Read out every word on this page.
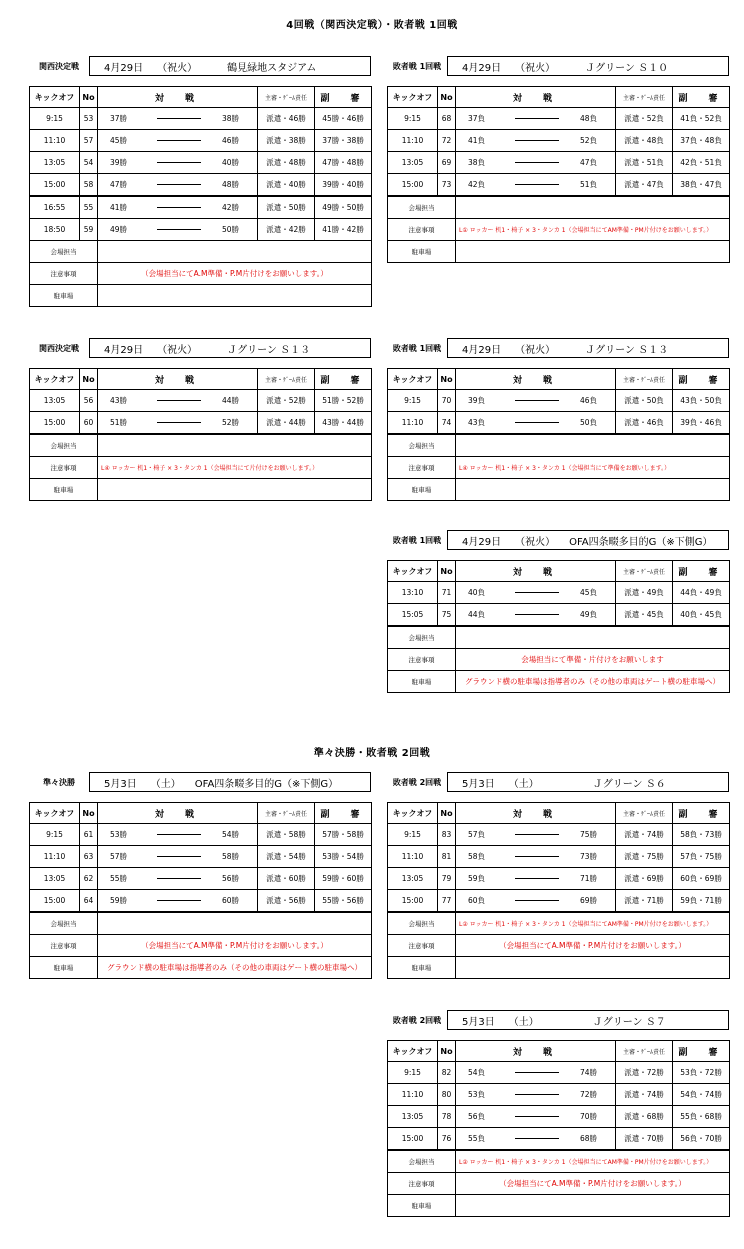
4回戦（関西決定戦）・敗者戦 1回戦
関西決定戦	4月29日 （祝火）	鶴見緑地スタジアム
キックオフ	No	対　戦			主審・ｹﾞｰﾑ責任	副　審
9:15	53	37勝		38勝	派遣・46勝	45勝・46勝
11:10	57	45勝		46勝	派遣・38勝	37勝・38勝
13:05	54	39勝		40勝	派遣・48勝	47勝・48勝
15:00	58	47勝		48勝	派遣・40勝	39勝・40勝
16:55	55	41勝		42勝	派遣・50勝	49勝・50勝
18:50	59	49勝		50勝	派遣・42勝	41勝・42勝
会場担当						
注意事項		（会場担当にてA.M準備・P.M片付けをお願いします。）				
駐車場						
敗者戦 1回戦	4月29日 （祝火）	Ｊグリーン Ｓ１０
キックオフ	No	対　戦			主審・ｹﾞｰﾑ責任	副　審
9:15	68	37負		48負	派遣・52負	41負・52負
11:10	72	41負		52負	派遣・48負	37負・48負
13:05	69	38負		47負	派遣・51負	42負・51負
15:00	73	42負		51負	派遣・47負	38負・47負
会場担当						
注意事項		L① ロッカー 机1・椅子 × 3・タンカ 1（会場担当にてAM準備・PM片付けをお願いします。）				
駐車場						
関西決定戦	4月29日 （祝火）	Ｊグリーン Ｓ１３
キックオフ	No	対　戦			主審・ｹﾞｰﾑ責任	副　審
13:05	56	43勝		44勝	派遣・52勝	51勝・52勝
15:00	60	51勝		52勝	派遣・44勝	43勝・44勝
会場担当						
注意事項		L④ ロッカー 机1・椅子 × 3・タンカ 1（会場担当にて片付けをお願いします。）				
駐車場						
敗者戦 1回戦	4月29日 （祝火）	Ｊグリーン Ｓ１３
キックオフ	No	対　戦			主審・ｹﾞｰﾑ責任	副　審
9:15	70	39負		46負	派遣・50負	43負・50負
11:10	74	43負		50負	派遣・46負	39負・46負
会場担当						
注意事項		L④ ロッカー 机1・椅子 × 3・タンカ 1（会場担当にて準備をお願いします。）				
駐車場						
敗者戦 1回戦	4月29日 （祝火） OFA四条畷多目的G（※下側G）
キックオフ	No	対　戦			主審・ｹﾞｰﾑ責任	副　審
13:10	71	40負		45負	派遣・49負	44負・49負
15:05	75	44負		49負	派遣・45負	40負・45負
会場担当						
注意事項		会場担当にて準備・片付けをお願いします				
駐車場		グラウンド横の駐車場は指導者のみ（その他の車両はゲート横の駐車場へ）				
準々決勝・敗者戦 2回戦
準々決勝	5月3日 （土） OFA四条畷多目的G（※下側G）
キックオフ	No	対　戦			主審・ｹﾞｰﾑ責任	副　審
9:15	61	53勝		54勝	派遣・58勝	57勝・58勝
11:10	63	57勝		58勝	派遣・54勝	53勝・54勝
13:05	62	55勝		56勝	派遣・60勝	59勝・60勝
15:00	64	59勝		60勝	派遣・56勝	55勝・56勝
会場担当						
注意事項		（会場担当にてA.M準備・P.M片付けをお願いします。）				
駐車場		グラウンド横の駐車場は指導者のみ（その他の車両はゲート横の駐車場へ）				
敗者戦 2回戦	5月3日 （土）	Ｊグリーン Ｓ６
キックオフ	No	対　戦			主審・ｹﾞｰﾑ責任	副　審
9:15	83	57負		75勝	派遣・74勝	58負・73勝
11:10	81	58負		73勝	派遣・75勝	57負・75勝
13:05	79	59負		71勝	派遣・69勝	60負・69勝
15:00	77	60負		69勝	派遣・71勝	59負・71勝
会場担当		L② ロッカー 机1・椅子 × 3・タンカ 1（会場担当にてAM準備・PM片付けをお願いします。）				
注意事項		（会場担当にてA.M準備・P.M片付けをお願いします。）				
駐車場						
敗者戦 2回戦	5月3日 （土）	Ｊグリーン Ｓ７
キックオフ	No	対　戦			主審・ｹﾞｰﾑ責任	副　審
9:15	82	54負		74勝	派遣・72勝	53負・72勝
11:10	80	53負		72勝	派遣・74勝	54負・74勝
13:05	78	56負		70勝	派遣・68勝	55負・68勝
15:00	76	55負		68勝	派遣・70勝	56負・70勝
会場担当		L② ロッカー 机1・椅子 × 3・タンカ 1（会場担当にてAM準備・PM片付けをお願いします。）				
注意事項		（会場担当にてA.M準備・P.M片付けをお願いします。）				
駐車場						
